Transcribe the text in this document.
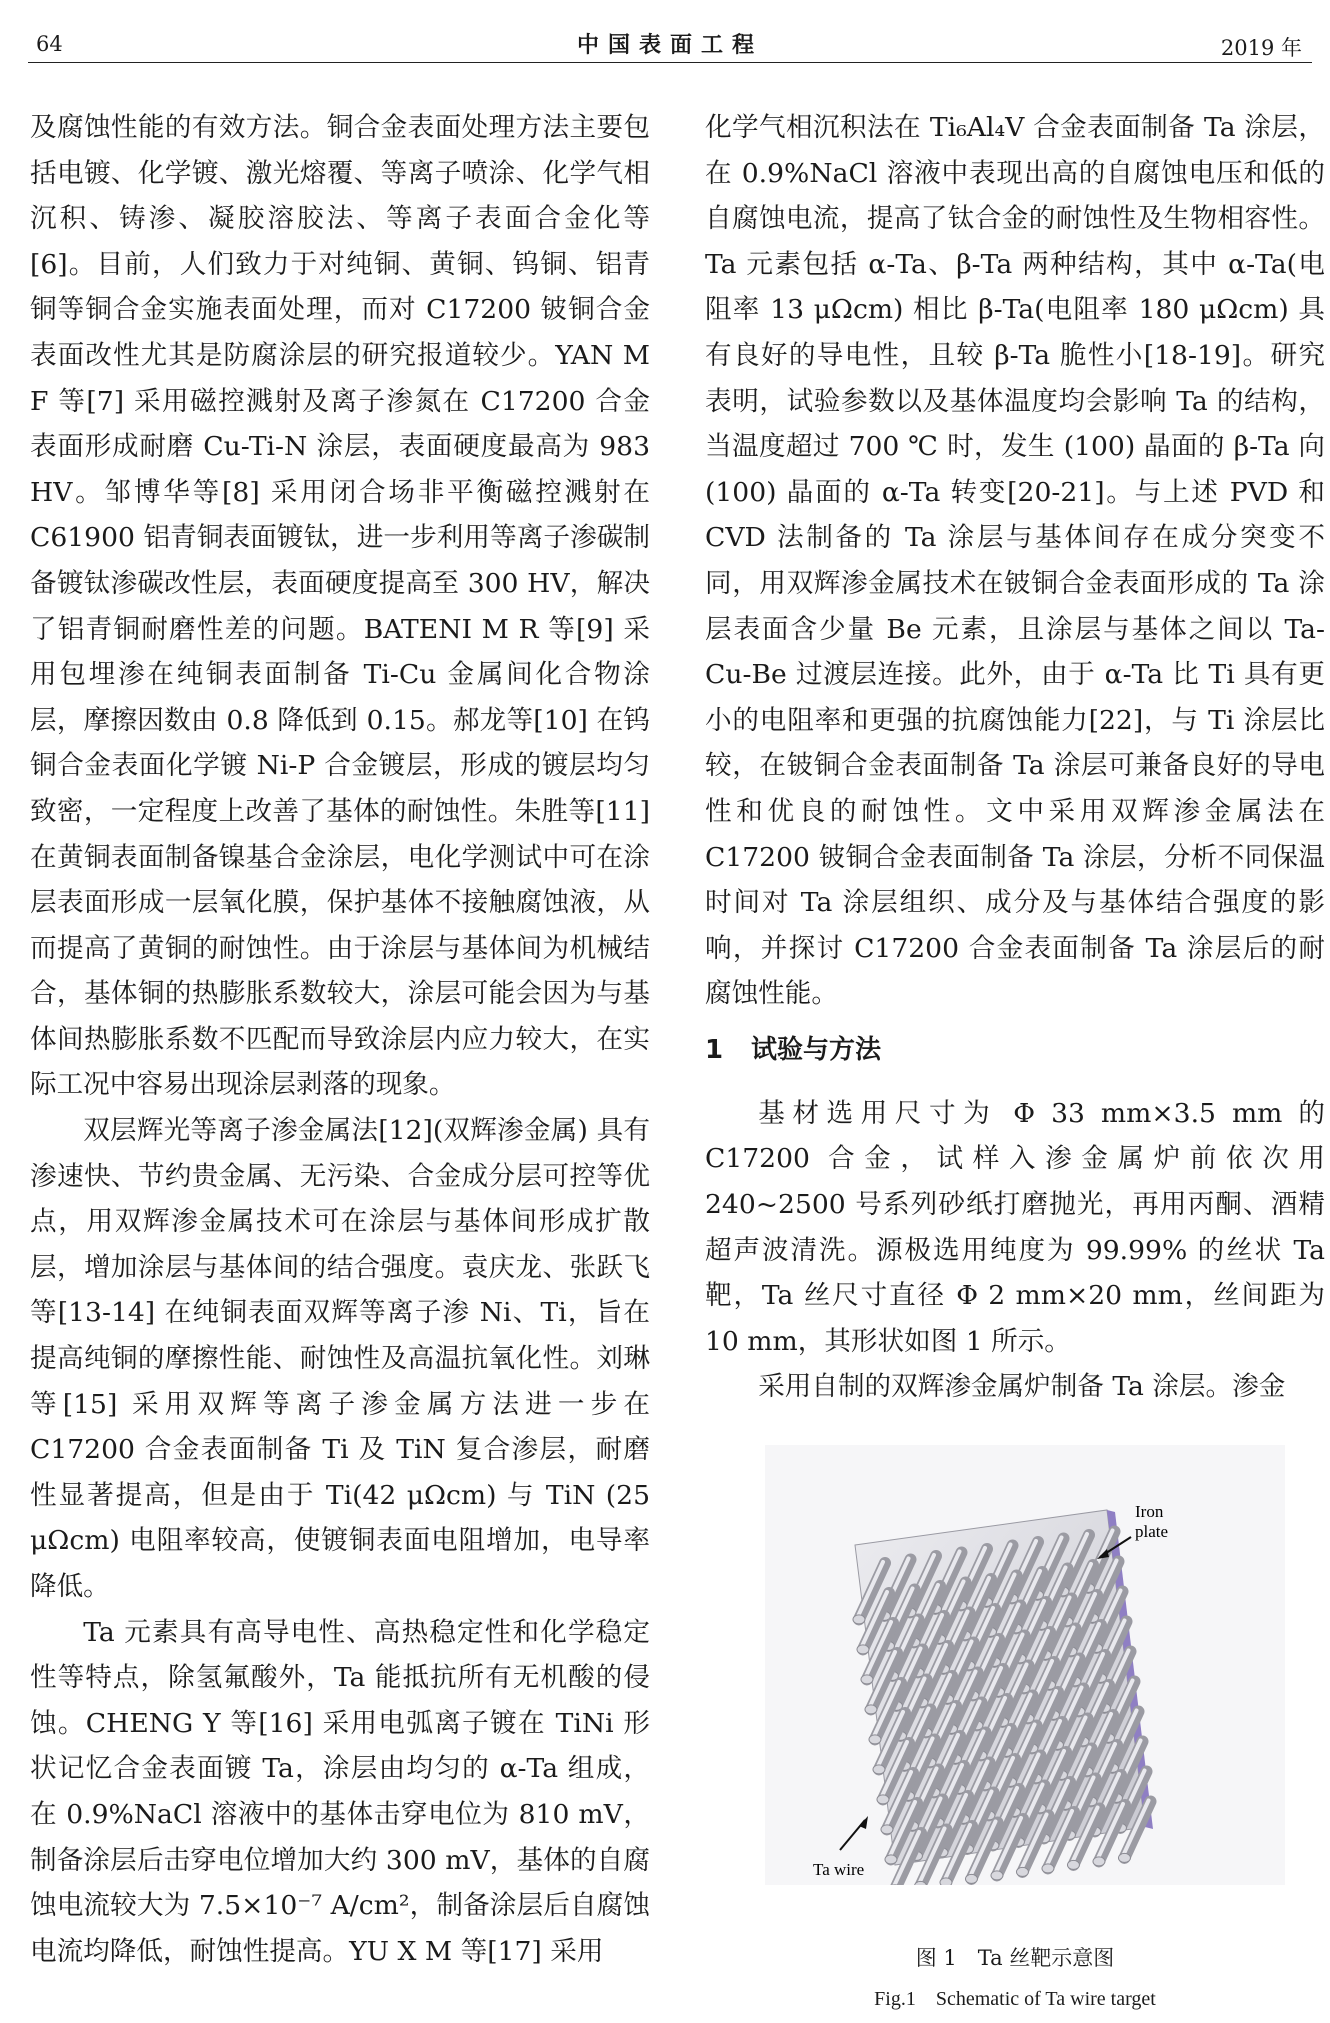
64	中国表面工程	2019 年

及腐蚀性能的有效方法。铜合金表面处理方法主要包括电镀、化学镀、激光熔覆、等离子喷涂、化学气相沉积、铸渗、凝胶溶胶法、等离子表面合金化等[6]。目前，人们致力于对纯铜、黄铜、钨铜、铝青铜等铜合金实施表面处理，而对 C17200 铍铜合金表面改性尤其是防腐涂层的研究报道较少。YAN M F 等[7] 采用磁控溅射及离子渗氮在 C17200 合金表面形成耐磨 Cu-Ti-N 涂层，表面硬度最高为 983 HV。邹博华等[8] 采用闭合场非平衡磁控溅射在 C61900 铝青铜表面镀钛，进一步利用等离子渗碳制备镀钛渗碳改性层，表面硬度提高至 300 HV，解决了铝青铜耐磨性差的问题。BATENI M R 等[9] 采用包埋渗在纯铜表面制备 Ti-Cu 金属间化合物涂层，摩擦因数由 0.8 降低到 0.15。郝龙等[10] 在钨铜合金表面化学镀 Ni-P 合金镀层，形成的镀层均匀致密，一定程度上改善了基体的耐蚀性。朱胜等[11] 在黄铜表面制备镍基合金涂层，电化学测试中可在涂层表面形成一层氧化膜，保护基体不接触腐蚀液，从而提高了黄铜的耐蚀性。由于涂层与基体间为机械结合，基体铜的热膨胀系数较大，涂层可能会因为与基体间热膨胀系数不匹配而导致涂层内应力较大，在实际工况中容易出现涂层剥落的现象。

双层辉光等离子渗金属法[12](双辉渗金属) 具有渗速快、节约贵金属、无污染、合金成分层可控等优点，用双辉渗金属技术可在涂层与基体间形成扩散层，增加涂层与基体间的结合强度。袁庆龙、张跃飞等[13-14] 在纯铜表面双辉等离子渗 Ni、Ti，旨在提高纯铜的摩擦性能、耐蚀性及高温抗氧化性。刘琳等[15] 采用双辉等离子渗金属方法进一步在 C17200 合金表面制备 Ti 及 TiN 复合渗层，耐磨性显著提高，但是由于 Ti(42 μΩcm) 与 TiN (25 μΩcm) 电阻率较高，使镀铜表面电阻增加，电导率降低。

Ta 元素具有高导电性、高热稳定性和化学稳定性等特点，除氢氟酸外，Ta 能抵抗所有无机酸的侵蚀。CHENG Y 等[16] 采用电弧离子镀在 TiNi 形状记忆合金表面镀 Ta，涂层由均匀的 α-Ta 组成，在 0.9%NaCl 溶液中的基体击穿电位为 810 mV，制备涂层后击穿电位增加大约 300 mV，基体的自腐蚀电流较大为 7.5×10⁻⁷ A/cm²，制备涂层后自腐蚀电流均降低，耐蚀性提高。YU X M 等[17] 采用

化学气相沉积法在 Ti₆Al₄V 合金表面制备 Ta 涂层，在 0.9%NaCl 溶液中表现出高的自腐蚀电压和低的自腐蚀电流，提高了钛合金的耐蚀性及生物相容性。Ta 元素包括 α-Ta、β-Ta 两种结构，其中 α-Ta(电阻率 13 μΩcm) 相比 β-Ta(电阻率 180 μΩcm) 具有良好的导电性，且较 β-Ta 脆性小[18-19]。研究表明，试验参数以及基体温度均会影响 Ta 的结构，当温度超过 700 ℃ 时，发生 (100) 晶面的 β-Ta 向 (100) 晶面的 α-Ta 转变[20-21]。与上述 PVD 和 CVD 法制备的 Ta 涂层与基体间存在成分突变不同，用双辉渗金属技术在铍铜合金表面形成的 Ta 涂层表面含少量 Be 元素，且涂层与基体之间以 Ta-Cu-Be 过渡层连接。此外，由于 α-Ta 比 Ti 具有更小的电阻率和更强的抗腐蚀能力[22]，与 Ti 涂层比较，在铍铜合金表面制备 Ta 涂层可兼备良好的导电性和优良的耐蚀性。文中采用双辉渗金属法在 C17200 铍铜合金表面制备 Ta 涂层，分析不同保温时间对 Ta 涂层组织、成分及与基体结合强度的影响，并探讨 C17200 合金表面制备 Ta 涂层后的耐腐蚀性能。

1 试验与方法

基材选用尺寸为 Φ 33 mm×3.5 mm 的 C17200 合金，试样入渗金属炉前依次用 240~2500 号系列砂纸打磨抛光，再用丙酮、酒精超声波清洗。源极选用纯度为 99.99% 的丝状 Ta 靶，Ta 丝尺寸直径 Φ 2 mm×20 mm，丝间距为 10 mm，其形状如图 1 所示。

采用自制的双辉渗金属炉制备 Ta 涂层。渗金

Iron
plate
Ta wire
图 1　Ta 丝靶示意图
Fig.1　Schematic of Ta wire target
